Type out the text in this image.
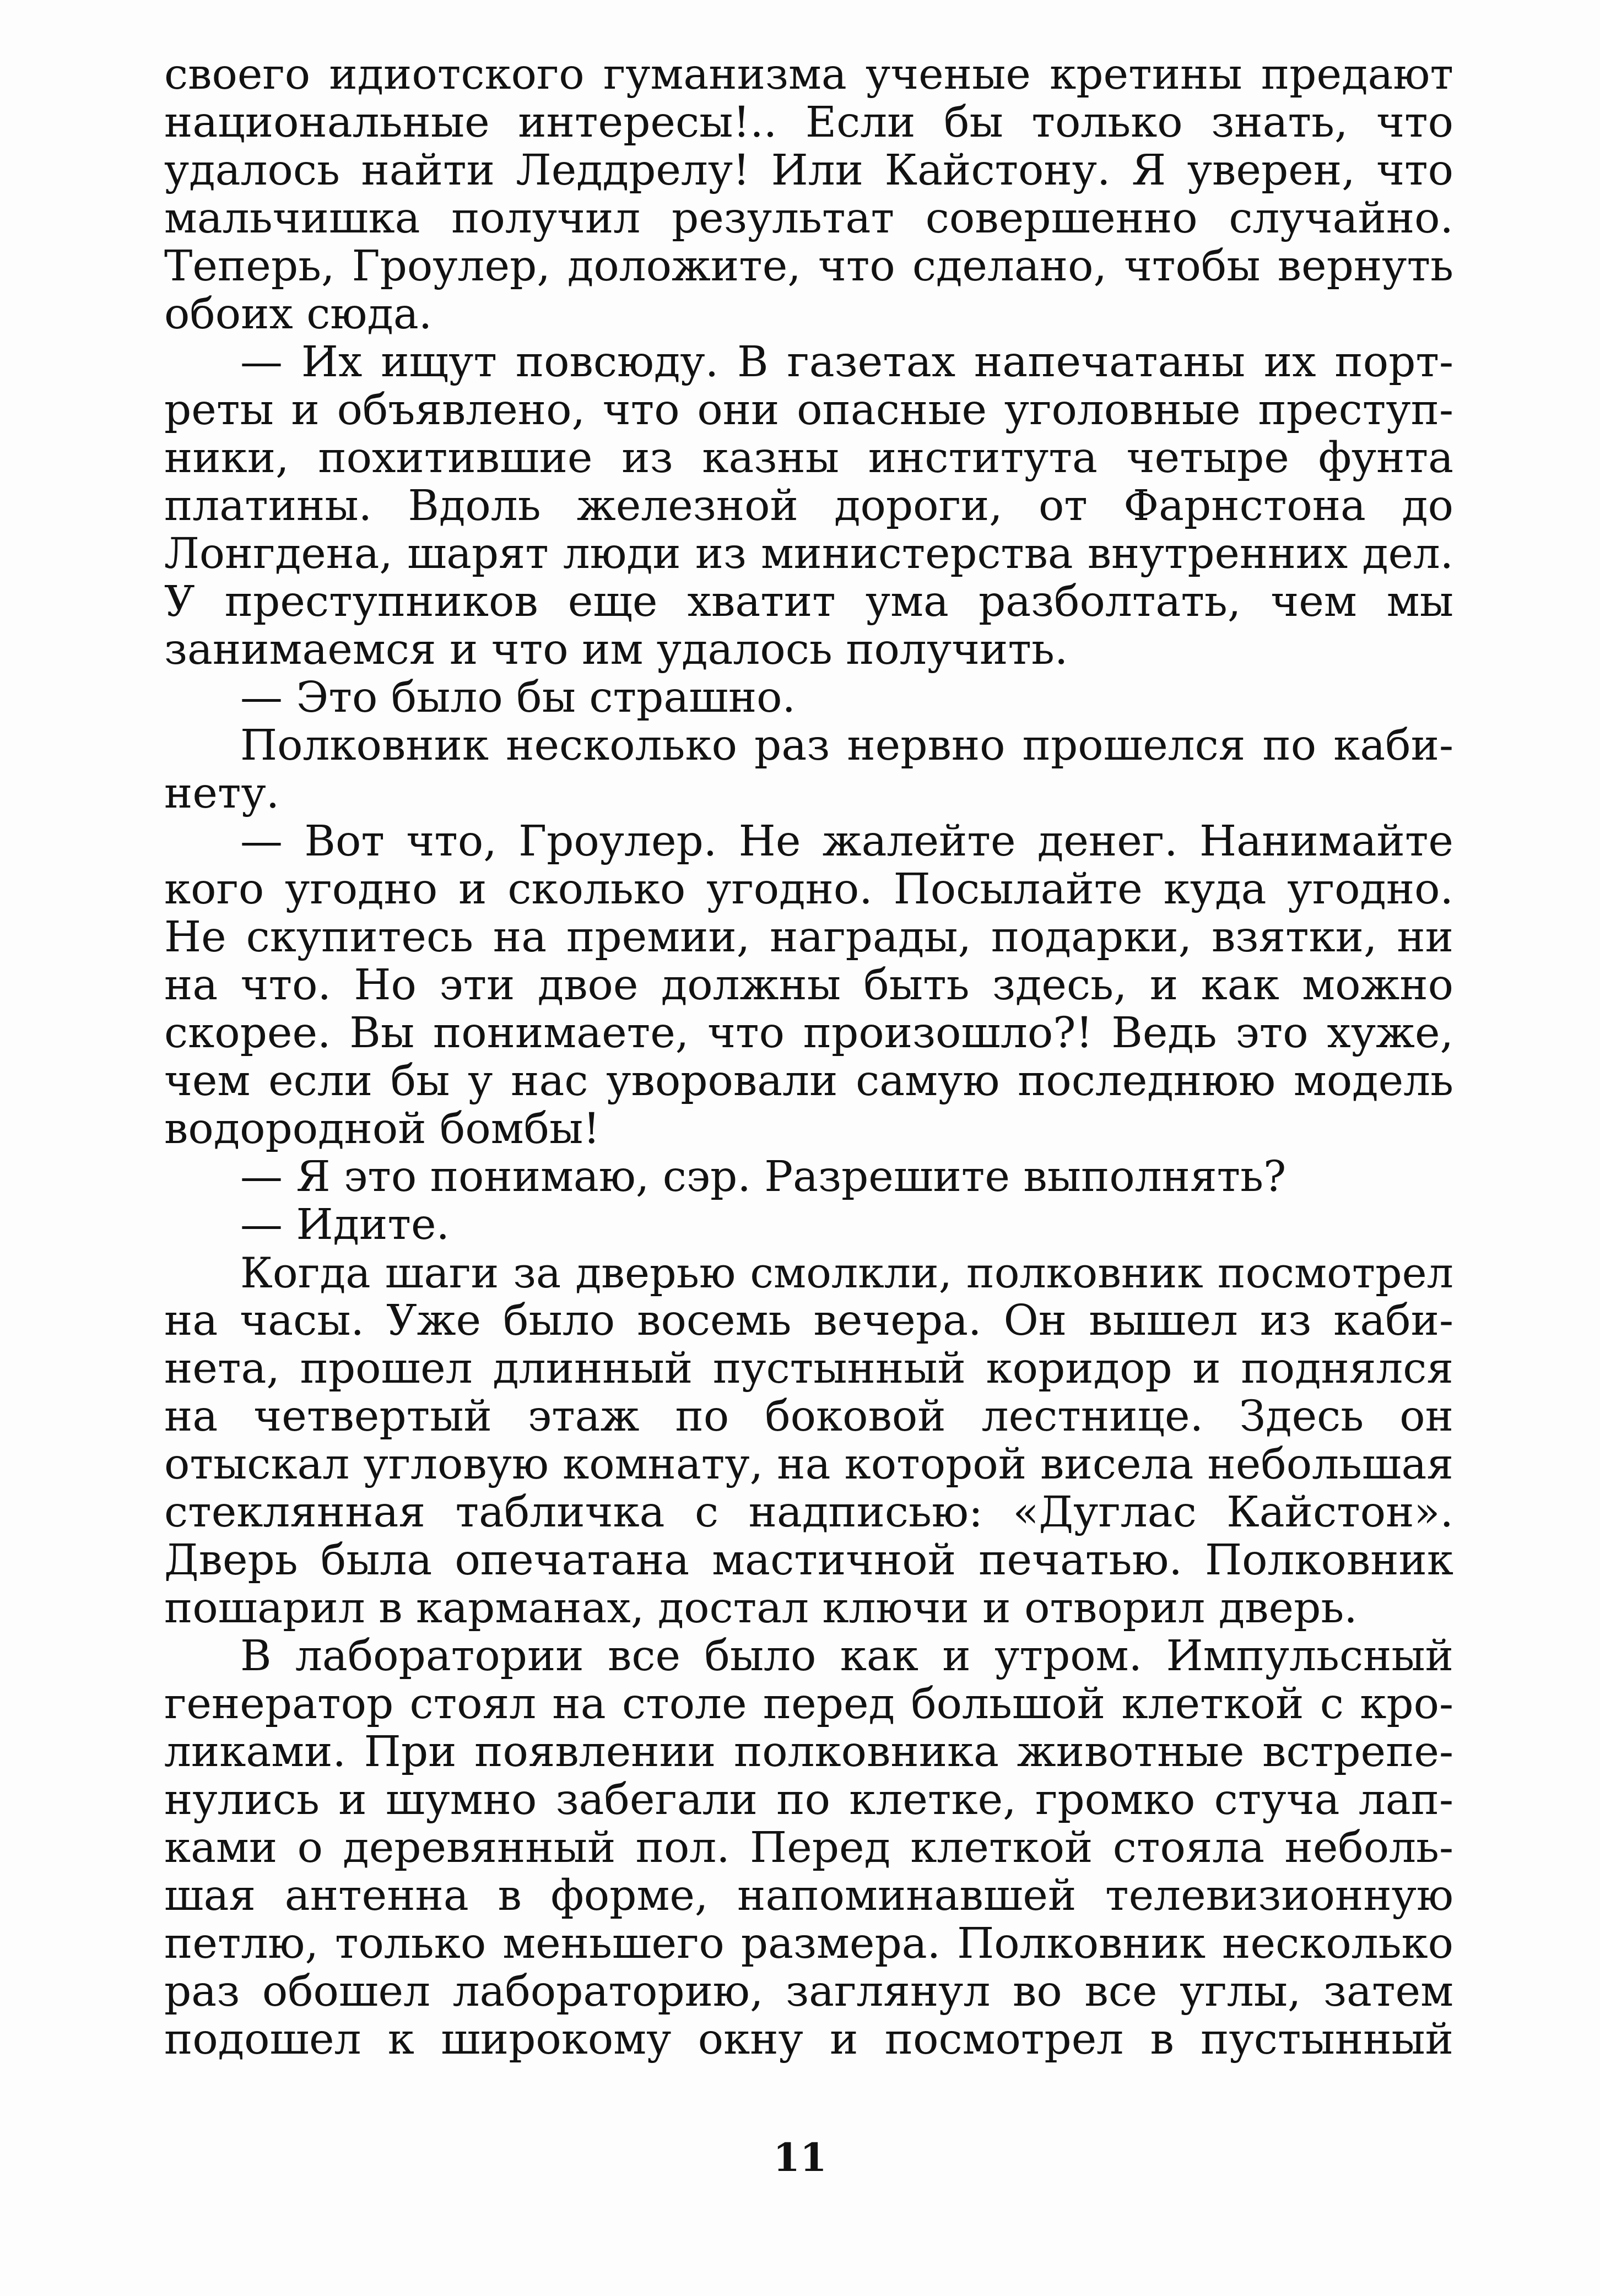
своего идиотского гуманизма ученые кретины предают
национальные интересы!.. Если бы только знать, что
удалось найти Леддрелу! Или Кайстону. Я уверен, что
мальчишка получил результат совершенно случайно.
Теперь, Гроулер, доложите, что сделано, чтобы вернуть
обоих сюда.
— Их ищут повсюду. В газетах напечатаны их порт-
реты и объявлено, что они опасные уголовные преступ-
ники, похитившие из казны института четыре фунта
платины. Вдоль железной дороги, от Фарнстона до
Лонгдена, шарят люди из министерства внутренних дел.
У преступников еще хватит ума разболтать, чем мы
занимаемся и что им удалось получить.
— Это было бы страшно.
Полковник несколько раз нервно прошелся по каби-
нету.
— Вот что, Гроулер. Не жалейте денег. Нанимайте
кого угодно и сколько угодно. Посылайте куда угодно.
Не скупитесь на премии, награды, подарки, взятки, ни
на что. Но эти двое должны быть здесь, и как можно
скорее. Вы понимаете, что произошло?! Ведь это хуже,
чем если бы у нас уворовали самую последнюю модель
водородной бомбы!
— Я это понимаю, сэр. Разрешите выполнять?
— Идите.
Когда шаги за дверью смолкли, полковник посмотрел
на часы. Уже было восемь вечера. Он вышел из каби-
нета, прошел длинный пустынный коридор и поднялся
на четвертый этаж по боковой лестнице. Здесь он
отыскал угловую комнату, на которой висела небольшая
стеклянная табличка с надписью: «Дуглас Кайстон».
Дверь была опечатана мастичной печатью. Полковник
пошарил в карманах, достал ключи и отворил дверь.
В лаборатории все было как и утром. Импульсный
генератор стоял на столе перед большой клеткой с кро-
ликами. При появлении полковника животные встрепе-
нулись и шумно забегали по клетке, громко стуча лап-
ками о деревянный пол. Перед клеткой стояла неболь-
шая антенна в форме, напоминавшей телевизионную
петлю, только меньшего размера. Полковник несколько
раз обошел лабораторию, заглянул во все углы, затем
подошел к широкому окну и посмотрел в пустынный
11
